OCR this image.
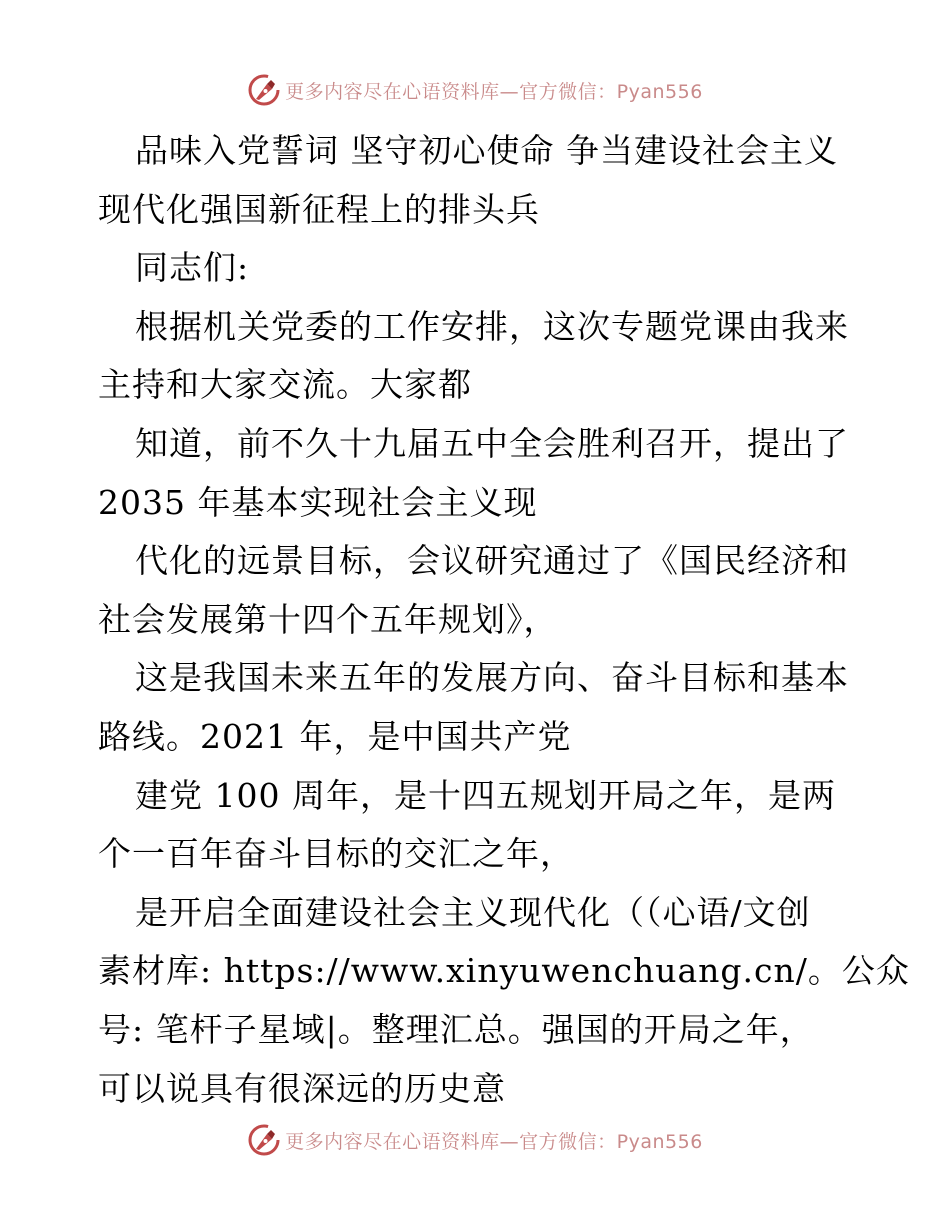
更多内容尽在心语资料库—官方微信：Pyan556
品味入党誓词 坚守初心使命 争当建设社会主义
现代化强国新征程上的排头兵
同志们:
根据机关党委的工作安排，这次专题党课由我来
主持和大家交流。大家都
知道，前不久十九届五中全会胜利召开，提出了
2035 年基本实现社会主义现
代化的远景目标，会议研究通过了《国民经济和
社会发展第十四个五年规划》，
这是我国未来五年的发展方向、奋斗目标和基本
路线。2021 年，是中国共产党
建党 100 周年，是十四五规划开局之年，是两
个一百年奋斗目标的交汇之年，
是开启全面建设社会主义现代化（（心语/文创
素材库: https://www.xinyuwenchuang.cn/。公众
号: 笔杆子星域|。整理汇总。强国的开局之年，
可以说具有很深远的历史意
更多内容尽在心语资料库—官方微信：Pyan556
